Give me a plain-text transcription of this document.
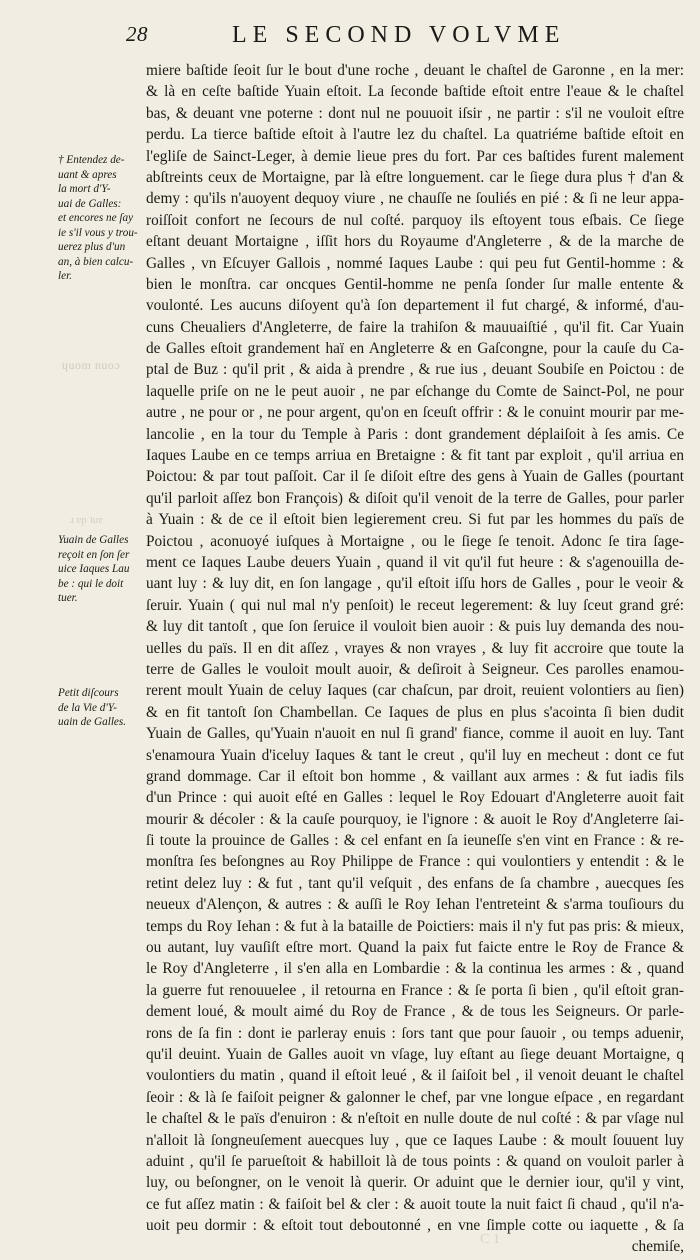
28	LE SECOND VOLVME
ɥuom nuoɔ
ɹ ɐp ʇuɐ
C 1
† Entendez de-
uant & apres
la mort d'Y-
uai de Galles:
et encores ne ſay
ie s'il vous y trou-
uerez plus d'un
an, à bien calcu-
ler.
Yuain de Galles
reçoit en ſon ſer
uice Iaques Lau
be : qui le doit
tuer.
Petit diſcours
de la Vie d'Y-
uain de Galles.
miere baſtide ſeoit ſur le bout d'une roche , deuant le chaſtel de Garonne , en la mer:
& là en ceſte baſtide Yuain eſtoit. La ſeconde baſtide eſtoit entre l'eaue & le chaſtel
bas, & deuant vne poterne : dont nul ne pouuoit iſsir , ne partir : s'il ne vouloit eſtre
perdu. La tierce baſtide eſtoit à l'autre lez du chaſtel. La quatriéme baſtide eſtoit en
l'egliſe de Sainct-Leger, à demie lieue pres du fort. Par ces baſtides furent malement
abſtreints ceux de Mortaigne, par là eſtre longuement. car le ſiege dura plus † d'an &
demy : qu'ils n'auoyent dequoy viure , ne chauſſe ne ſouliés en pié : & ſi ne leur appa-
roiſſoit confort ne ſecours de nul coſté. parquoy ils eſtoyent tous eſbais. Ce ſiege
eſtant deuant Mortaigne , iſſit hors du Royaume d'Angleterre , & de la marche de
Galles , vn Eſcuyer Gallois , nommé Iaques Laube : qui peu fut Gentil-homme : &
bien le monſtra. car oncques Gentil-homme ne penſa ſonder ſur malle entente &
voulonté. Les aucuns diſoyent qu'à ſon departement il fut chargé, & informé, d'au-
cuns Cheualiers d'Angleterre, de faire la trahiſon & mauuaiſtié , qu'il fit. Car Yuain
de Galles eſtoit grandement haï en Angleterre & en Gaſcongne, pour la cauſe du Ca-
ptal de Buz : qu'il prit , & aida à prendre , & rue ius , deuant Soubiſe en Poictou : de
laquelle priſe on ne le peut auoir , ne par eſchange du Comte de Sainct-Pol, ne pour
autre , ne pour or , ne pour argent, qu'on en ſceuſt offrir : & le conuint mourir par me-
lancolie , en la tour du Temple à Paris : dont grandement déplaiſoit à ſes amis. Ce
Iaques Laube en ce temps arriua en Bretaigne : & fit tant par exploit , qu'il arriua en
Poictou: & par tout paſſoit. Car il ſe diſoit eſtre des gens à Yuain de Galles (pourtant
qu'il parloit aſſez bon François) & diſoit qu'il venoit de la terre de Galles, pour parler
à Yuain : & de ce il eſtoit bien legierement creu. Si fut par les hommes du païs de
Poictou , aconuoyé iuſques à Mortaigne , ou le ſiege ſe tenoit. Adonc ſe tira ſage-
ment ce Iaques Laube deuers Yuain , quand il vit qu'il fut heure : & s'agenouilla de-
uant luy : & luy dit, en ſon langage , qu'il eſtoit iſſu hors de Galles , pour le veoir &
ſeruir. Yuain ( qui nul mal n'y penſoit) le receut legerement: & luy ſceut grand gré:
& luy dit tantoſt , que ſon ſeruice il vouloit bien auoir : & puis luy demanda des nou-
uelles du païs. Il en dit aſſez , vrayes & non vrayes , & luy fit accroire que toute la
terre de Galles le vouloit moult auoir, & deſiroit à Seigneur. Ces parolles enamou-
rerent moult Yuain de celuy Iaques (car chaſcun, par droit, reuient volontiers au ſien)
& en fit tantoſt ſon Chambellan. Ce Iaques de plus en plus s'acointa ſi bien dudit
Yuain de Galles, qu'Yuain n'auoit en nul ſi grand' fiance, comme il auoit en luy. Tant
s'enamoura Yuain d'iceluy Iaques & tant le creut , qu'il luy en mecheut : dont ce fut
grand dommage. Car il eſtoit bon homme , & vaillant aux armes : & fut iadis fils
d'un Prince : qui auoit eſté en Galles : lequel le Roy Edouart d'Angleterre auoit fait
mourir & décoler : & la cauſe pourquoy, ie l'ignore : & auoit le Roy d'Angleterre ſai-
ſi toute la prouince de Galles : & cel enfant en ſa ieuneſſe s'en vint en France : & re-
monſtra ſes beſongnes au Roy Philippe de France : qui voulontiers y entendit : & le
retint delez luy : & fut , tant qu'il veſquit , des enfans de ſa chambre , auecques ſes
neueux d'Alençon, & autres : & auſſi le Roy Iehan l'entreteint & s'arma touſiours du
temps du Roy Iehan : & fut à la bataille de Poictiers: mais il n'y fut pas pris: & mieux,
ou autant, luy vauſiſt eſtre mort. Quand la paix fut faicte entre le Roy de France &
le Roy d'Angleterre , il s'en alla en Lombardie : & la continua les armes : & , quand
la guerre fut renouuelee , il retourna en France : & ſe porta ſi bien , qu'il eſtoit gran-
dement loué, & moult aimé du Roy de France , & de tous les Seigneurs. Or parle-
rons de ſa fin : dont ie parleray enuis : ſors tant que pour ſauoir , ou temps aduenir,
qu'il deuint. Yuain de Galles auoit vn vſage, luy eſtant au ſiege deuant Mortaigne, q
voulontiers du matin , quand il eſtoit leué , & il ſaiſoit bel , il venoit deuant le chaſtel
ſeoir : & là ſe faiſoit peigner & galonner le chef, par vne longue eſpace , en regardant
le chaſtel & le païs d'enuiron : & n'eſtoit en nulle doute de nul coſté : & par vſage nul
n'alloit là ſongneuſement auecques luy , que ce Iaques Laube : & moult ſouuent luy
aduint , qu'il ſe parueſtoit & habilloit là de tous points : & quand on vouloit parler à
luy, ou beſongner, on le venoit là querir. Or aduint que le dernier iour, qu'il y vint,
ce fut aſſez matin : & faiſoit bel & cler : & auoit toute la nuit faict ſi chaud , qu'il n'a-
uoit peu dormir : & eſtoit tout deboutonné , en vne ſimple cotte ou iaquette , & ſa
chemiſe,
